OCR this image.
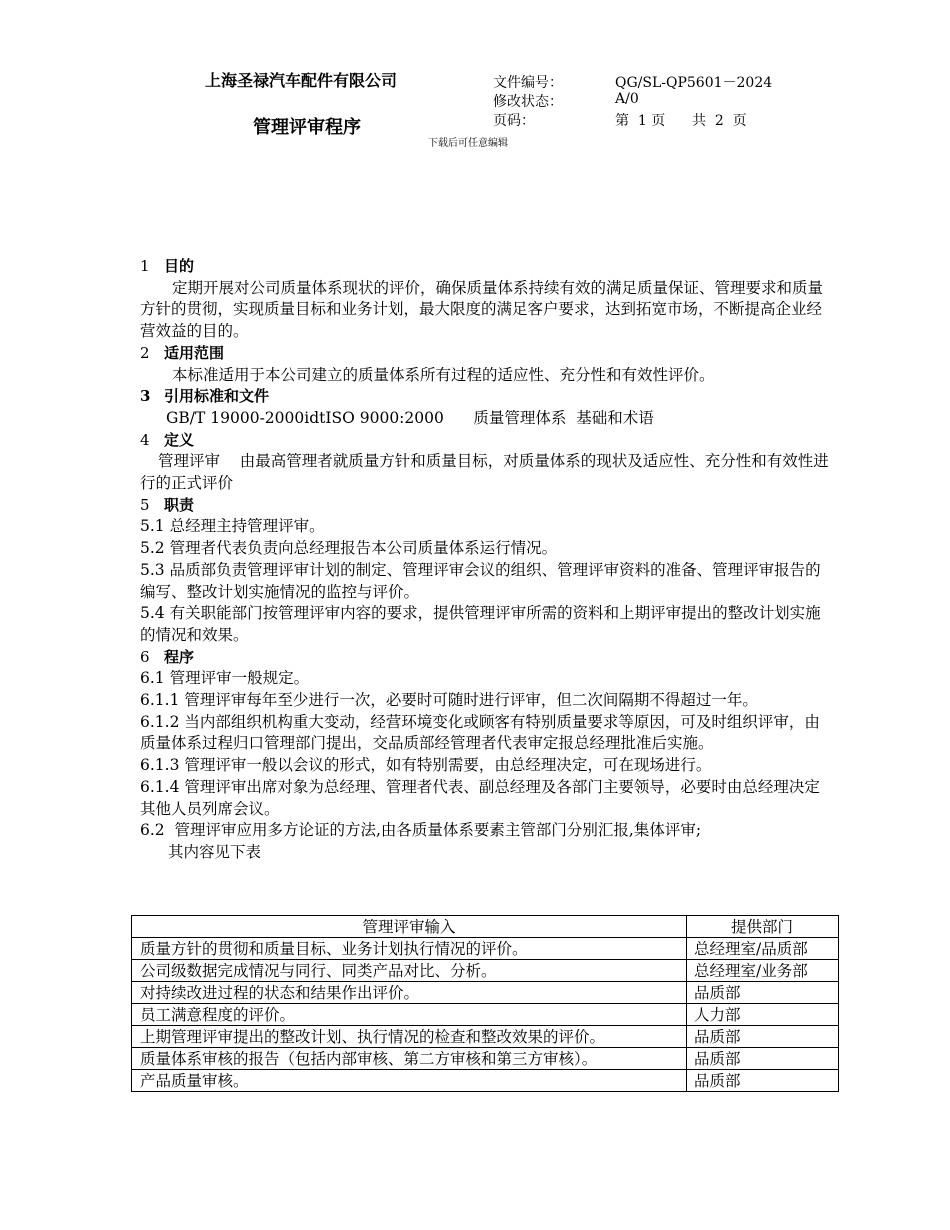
上海圣禄汽车配件有限公司
管理评审程序
文件编号：	QG/SL-QP5601－2024
修改状态：	A/0
页码：	第  1 页      共  2  页
下载后可任意编辑

1 目的

定期开展对公司质量体系现状的评价，确保质量体系持续有效的满足质量保证、管理要求和质量方针的贯彻，实现质量目标和业务计划，最大限度的满足客户要求，达到拓宽市场，不断提高企业经营效益的目的。

2 适用范围

本标准适用于本公司建立的质量体系所有过程的适应性、充分性和有效性评价。

3 引用标准和文件

GB/T 19000-2000idtISO 9000:2000      质量管理体系  基础和术语

4 定义

管理评审    由最高管理者就质量方针和质量目标，对质量体系的现状及适应性、充分性和有效性进行的正式评价

5 职责

5.1 总经理主持管理评审。

5.2 管理者代表负责向总经理报告本公司质量体系运行情况。

5.3 品质部负责管理评审计划的制定、管理评审会议的组织、管理评审资料的准备、管理评审报告的编写、整改计划实施情况的监控与评价。

5.4 有关职能部门按管理评审内容的要求，提供管理评审所需的资料和上期评审提出的整改计划实施的情况和效果。

6 程序

6.1 管理评审一般规定。

6.1.1 管理评审每年至少进行一次，必要时可随时进行评审，但二次间隔期不得超过一年。

6.1.2 当内部组织机构重大变动，经营环境变化或顾客有特别质量要求等原因，可及时组织评审，由质量体系过程归口管理部门提出，交品质部经管理者代表审定报总经理批准后实施。

6.1.3 管理评审一般以会议的形式，如有特别需要，由总经理决定，可在现场进行。

6.1.4 管理评审出席对象为总经理、管理者代表、副总经理及各部门主要领导，必要时由总经理决定其他人员列席会议。

6.2  管理评审应用多方论证的方法,由各质量体系要素主管部门分别汇报,集体评审;

其内容见下表

管理评审输入	提供部门
质量方针的贯彻和质量目标、业务计划执行情况的评价。	总经理室/品质部
公司级数据完成情况与同行、同类产品对比、分析。	总经理室/业务部
对持续改进过程的状态和结果作出评价。	品质部
员工满意程度的评价。	人力部
上期管理评审提出的整改计划、执行情况的检查和整改效果的评价。	品质部
质量体系审核的报告（包括内部审核、第二方审核和第三方审核）。	品质部
产品质量审核。	品质部
